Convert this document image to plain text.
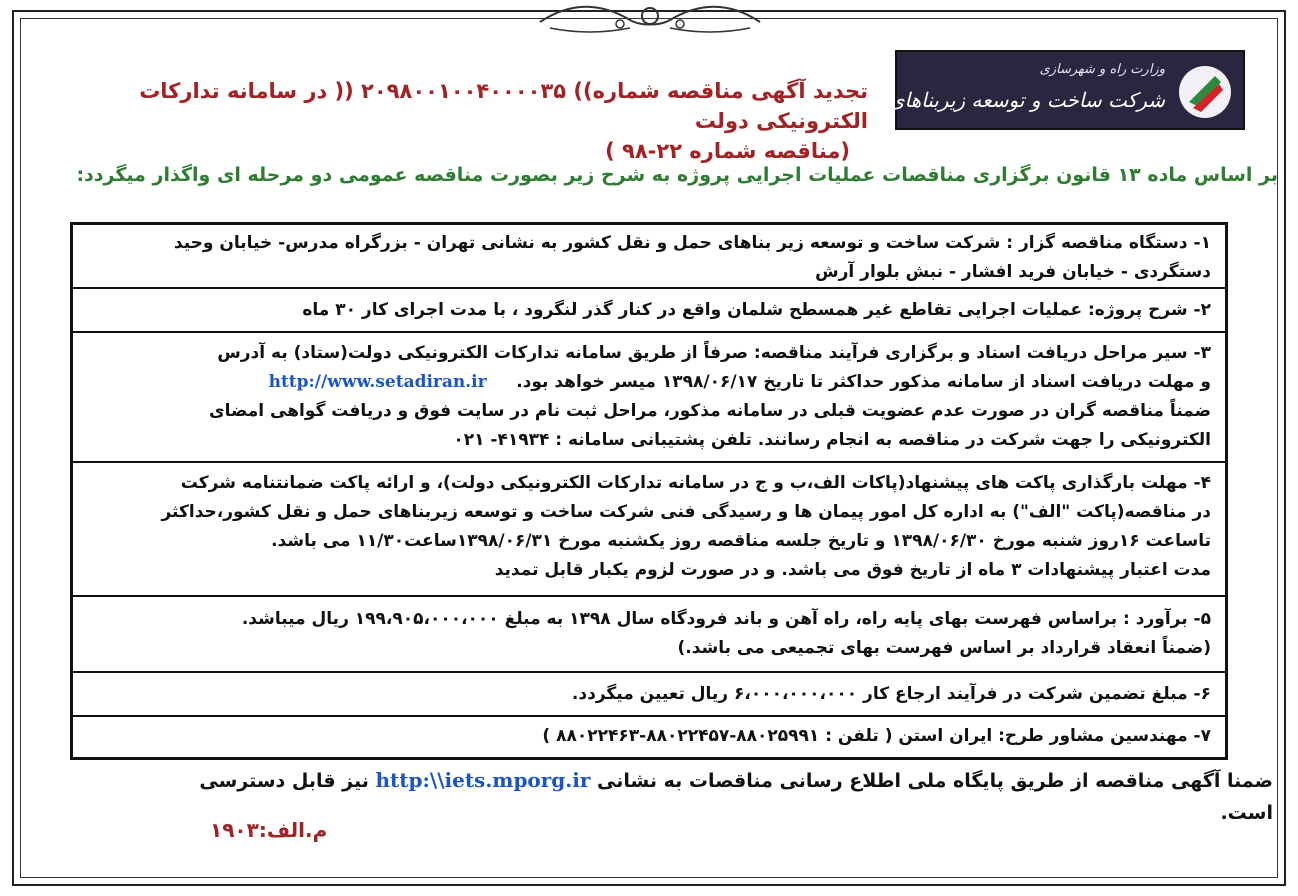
وزارت راه و شهرسازی
شرکت ساخت و توسعه زیربناهای حمل و نقل کشور
تجدید آگهی مناقصه شماره)) ۲۰۹۸۰۰۱۰۰۴۰۰۰۰۳۵ (( در سامانه تدارکات الکترونیکی دولت
(مناقصه شماره ۲۲-۹۸ )
بر اساس ماده ۱۳ قانون برگزاری مناقصات عملیات اجرایی پروژه به شرح زیر بصورت مناقصه عمومی دو مرحله ای واگذار میگردد:

۱- دستگاه مناقصه گزار : شرکت ساخت و توسعه زیر بناهای حمل و نقل کشور به نشانی تهران - بزرگراه مدرس- خیابان وحید

دستگردی - خیابان فرید افشار - نبش بلوار آرش

۲- شرح پروژه: عملیات اجرایی تقاطع غیر همسطح شلمان واقع در کنار گذر لنگرود ، با مدت اجرای کار ۳۰ ماه

۳- سیر مراحل دریافت اسناد و برگزاری فرآیند مناقصه: صرفاً از طریق سامانه تدارکات الکترونیکی دولت(ستاد) به آدرس

و مهلت دریافت اسناد از سامانه مذکور حداکثر تا تاریخ ۱۳۹۸/۰۶/۱۷ میسر خواهد بود.     http://www.setadiran.ir

ضمناً مناقصه گران در صورت عدم عضویت قبلی در سامانه مذکور، مراحل ثبت نام در سایت فوق و دریافت گواهی امضای

الکترونیکی را جهت شرکت در مناقصه به انجام رسانند. تلفن پشتیبانی سامانه : ۴۱۹۳۴- ۰۲۱

۴- مهلت بارگذاری پاکت های پیشنهاد(پاکات الف،ب و ج در سامانه تدارکات الکترونیکی دولت)، و ارائه پاکت ضمانتنامه شرکت

در مناقصه(پاکت "الف") به اداره کل امور پیمان ها و رسیدگی فنی شرکت ساخت و توسعه زیربناهای حمل و نقل کشور،حداکثر

تاساعت ۱۶روز شنبه مورخ ۱۳۹۸/۰۶/۳۰ و تاریخ جلسه مناقصه روز یکشنبه مورخ ۱۳۹۸/۰۶/۳۱ساعت۱۱/۳۰ می باشد.

مدت اعتبار پیشنهادات ۳ ماه از تاریخ فوق می باشد. و در صورت لزوم یکبار قابل تمدید

۵- برآورد : براساس فهرست بهای پایه راه، راه آهن و باند فرودگاه سال ۱۳۹۸ به مبلغ ۱۹۹،۹۰۵،۰۰۰،۰۰۰ ریال میباشد.

(ضمناً انعقاد قرارداد بر اساس فهرست بهای تجمیعی می باشد.)

۶- مبلغ تضمین شرکت در فرآیند ارجاع کار ۶،۰۰۰،۰۰۰،۰۰۰ ریال تعیین میگردد.

۷- مهندسین مشاور طرح: ایران استن ( تلفن : ۸۸۰۲۵۹۹۱-۸۸۰۲۲۴۵۷-۸۸۰۲۲۴۶۳ )

ضمنا آگهی مناقصه از طریق پایگاه ملی اطلاع رسانی مناقصات به نشانی http:\\iets.mporg.ir نیز قابل دسترسی
است.
م.الف:۱۹۰۳
